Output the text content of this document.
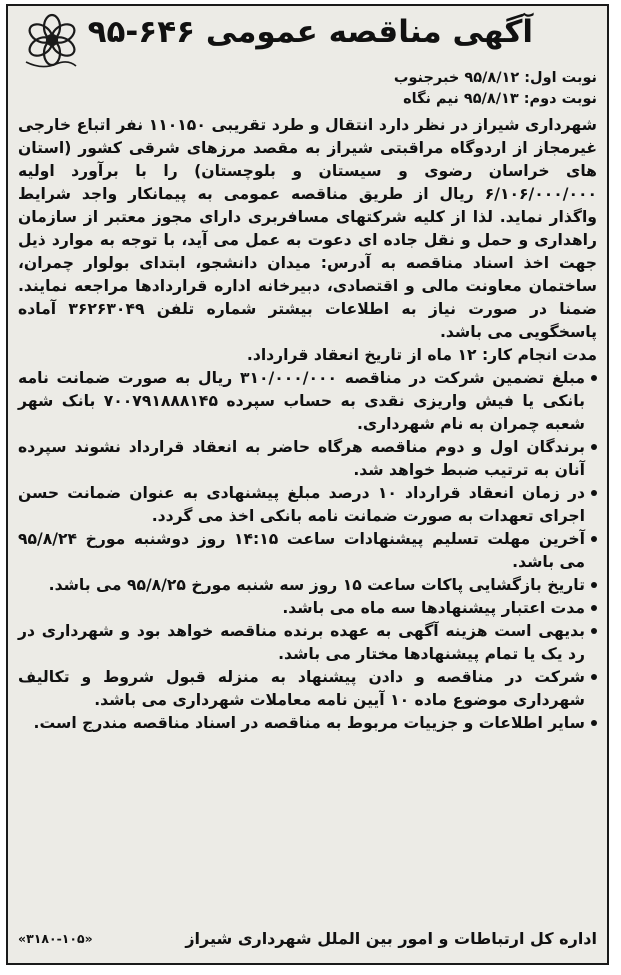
آگهی مناقصه عمومی ۶۴۶-۹۵
نوبت اول: ۹۵/۸/۱۲ خبرجنوب
نوبت دوم: ۹۵/۸/۱۳ نیم نگاه

شهرداری شیراز در نظر دارد انتقال و طرد تقریبی ۱۱۰۱۵۰ نفر اتباع خارجی غیرمجاز از اردوگاه مراقبتی شیراز به مقصد مرزهای شرقی کشور (استان های خراسان رضوی و سیستان و بلوچستان) را با برآورد اولیه ۶/۱۰۶/۰۰۰/۰۰۰ ریال از طریق مناقصه عمومی به پیمانکار واجد شرایط واگذار نماید. لذا از کلیه شرکتهای مسافربری دارای مجوز معتبر از سازمان راهداری و حمل و نقل جاده ای دعوت به عمل می آید، با توجه به موارد ذیل جهت اخذ اسناد مناقصه به آدرس: میدان دانشجو، ابتدای بولوار چمران، ساختمان معاونت مالی و اقتصادی، دبیرخانه اداره قراردادها مراجعه نمایند. ضمنا در صورت نیاز به اطلاعات بیشتر شماره تلفن ۳۶۲۶۳۰۴۹ آماده پاسخگویی می باشد.

مدت انجام کار: ۱۲ ماه از تاریخ انعقاد قرارداد.

مبلغ تضمین شرکت در مناقصه ۳۱۰/۰۰۰/۰۰۰ ریال به صورت ضمانت نامه بانکی یا فیش واریزی نقدی به حساب سپرده ۷۰۰۷۹۱۸۸۸۱۴۵ بانک شهر شعبه چمران به نام شهرداری.
برندگان اول و دوم مناقصه هرگاه حاضر به انعقاد قرارداد نشوند سپرده آنان به ترتیب ضبط خواهد شد.
در زمان انعقاد قرارداد ۱۰ درصد مبلغ پیشنهادی به عنوان ضمانت حسن اجرای تعهدات به صورت ضمانت نامه بانکی اخذ می گردد.
آخرین مهلت تسلیم پیشنهادات ساعت ۱۴:۱۵ روز دوشنبه مورخ ۹۵/۸/۲۴ می باشد.
تاریخ بازگشایی پاکات ساعت ۱۵ روز سه شنبه مورخ ۹۵/۸/۲۵ می باشد.
مدت اعتبار پیشنهادها سه ماه می باشد.
بدیهی است هزینه آگهی به عهده برنده مناقصه خواهد بود و شهرداری در رد یک یا تمام پیشنهادها مختار می باشد.
شرکت در مناقصه و دادن پیشنهاد به منزله قبول شروط و تکالیف شهرداری موضوع ماده ۱۰ آیین نامه معاملات شهرداری می باشد.
سایر اطلاعات و جزییات مربوط به مناقصه در اسناد مناقصه مندرج است.
اداره کل ارتباطات و امور بین الملل شهرداری شیراز
«۳۱۸۰-۱۰۵»
